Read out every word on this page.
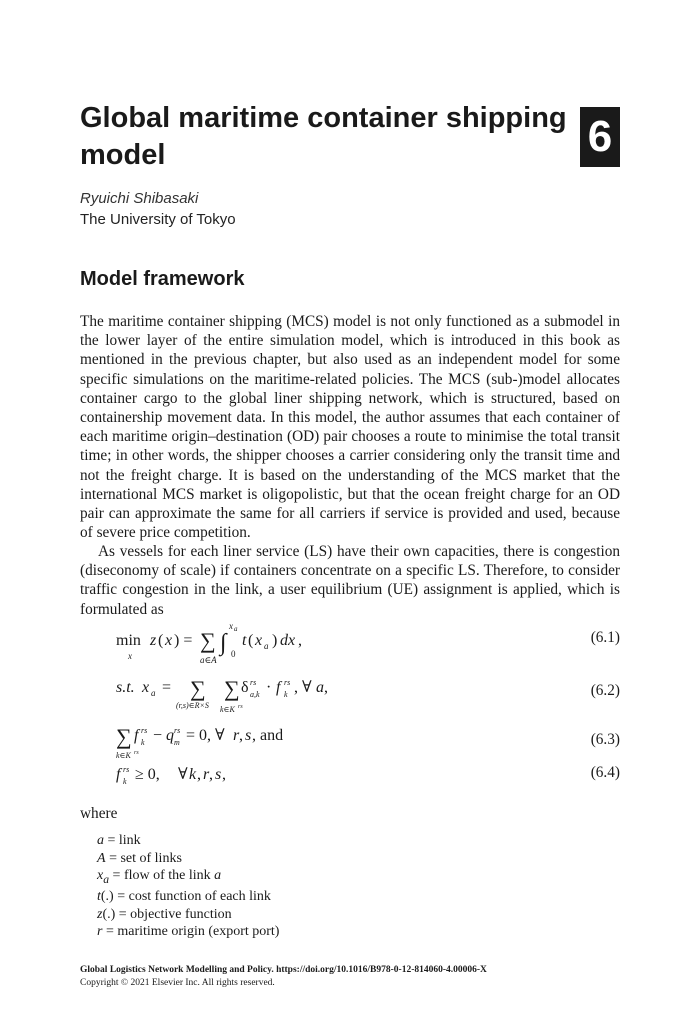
Global maritime container shipping model	6
Ryuichi Shibasaki
The University of Tokyo
Model framework

The maritime container shipping (MCS) model is not only functioned as a submodel in the lower layer of the entire simulation model, which is introduced in this book as mentioned in the previous chapter, but also used as an independent model for some specific simulations on the maritime-related policies. The MCS (sub-)model allocates container cargo to the global liner shipping network, which is structured, based on containership movement data. In this model, the author assumes that each container of each maritime origin–destination (OD) pair chooses a route to minimise the total transit time; in other words, the shipper chooses a carrier considering only the transit time and not the freight charge. It is based on the understanding of the MCS market that the international MCS market is oligopolistic, but that the ocean freight charge for an OD pair can approximate the same for all carriers if service is provided and used, because of severe price competition.

As vessels for each liner service (LS) have their own capacities, there is congestion (diseconomy of scale) if containers concentrate on a specific LS. Therefore, to consider traffic congestion in the link, a user equilibrium (UE) assignment is applied, which is formulated as

min
x
z ( x ) = ∑
a∈A
∫
x a
0
t ( x a ) dx ,	(6.1)
s.t. x a = ∑
(r,s)∈R×S
∑
k∈K rs
δ rs
a,k · f rs
k , ∀ a ,	(6.2)
∑
k∈K rs
f rs
k − q rs
m = 0, ∀ r , s , and	(6.3)
f rs
k ≥ 0, ∀ k , r , s ,	(6.4)
where
a = link
A = set of links
$x_a$ = flow of the link a
t(.) = cost function of each link
z(.) = objective function
r = maritime origin (export port)
Global Logistics Network Modelling and Policy. https://doi.org/10.1016/B978-0-12-814060-4.00006-X
Copyright © 2021 Elsevier Inc. All rights reserved.
